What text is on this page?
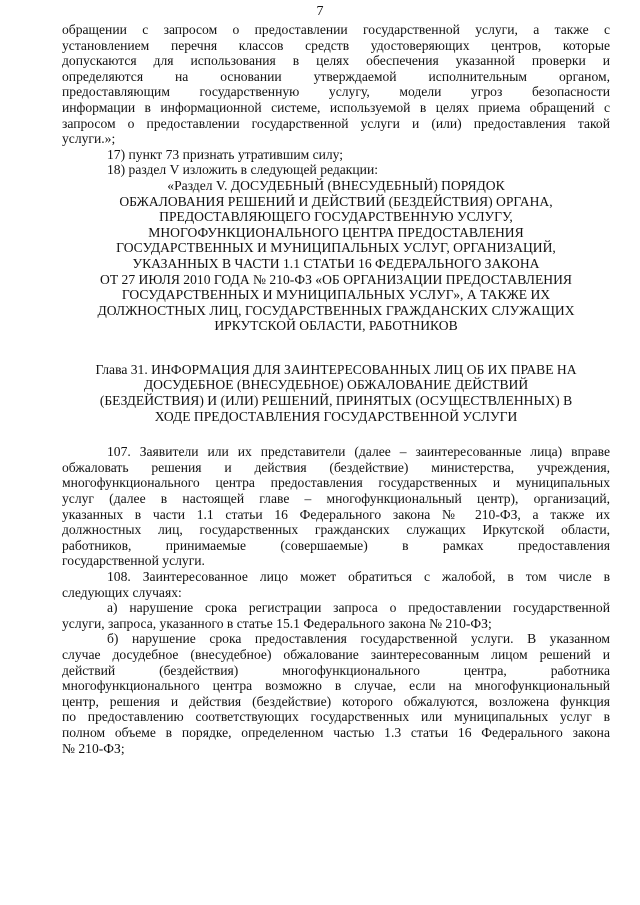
7

обращении с запросом о предоставлении государственной услуги, а также с

установлением перечня классов средств удостоверяющих центров, которые

допускаются для использования в целях обеспечения указанной проверки и

определяются на основании утверждаемой исполнительным органом,

предоставляющим государственную услугу, модели угроз безопасности

информации в информационной системе, используемой в целях приема обращений с

запросом о предоставлении государственной услуги и (или) предоставления такой

услуги.»;

17) пункт 73 признать утратившим силу;

18) раздел V изложить в следующей редакции:

«Раздел V. ДОСУДЕБНЫЙ (ВНЕСУДЕБНЫЙ) ПОРЯДОК
ОБЖАЛОВАНИЯ РЕШЕНИЙ И ДЕЙСТВИЙ (БЕЗДЕЙСТВИЯ) ОРГАНА,
ПРЕДОСТАВЛЯЮЩЕГО ГОСУДАРСТВЕННУЮ УСЛУГУ,
МНОГОФУНКЦИОНАЛЬНОГО ЦЕНТРА ПРЕДОСТАВЛЕНИЯ
ГОСУДАРСТВЕННЫХ И МУНИЦИПАЛЬНЫХ УСЛУГ, ОРГАНИЗАЦИЙ,
УКАЗАННЫХ В ЧАСТИ 1.1 СТАТЬИ 16 ФЕДЕРАЛЬНОГО ЗАКОНА
ОТ 27 ИЮЛЯ 2010 ГОДА № 210-ФЗ «ОБ ОРГАНИЗАЦИИ ПРЕДОСТАВЛЕНИЯ
ГОСУДАРСТВЕННЫХ И МУНИЦИПАЛЬНЫХ УСЛУГ», А ТАКЖЕ ИХ
ДОЛЖНОСТНЫХ ЛИЦ, ГОСУДАРСТВЕННЫХ ГРАЖДАНСКИХ СЛУЖАЩИХ
ИРКУТСКОЙ ОБЛАСТИ, РАБОТНИКОВ
Глава 31. ИНФОРМАЦИЯ ДЛЯ ЗАИНТЕРЕСОВАННЫХ ЛИЦ ОБ ИХ ПРАВЕ НА
ДОСУДЕБНОЕ (ВНЕСУДЕБНОЕ) ОБЖАЛОВАНИЕ ДЕЙСТВИЙ
(БЕЗДЕЙСТВИЯ) И (ИЛИ) РЕШЕНИЙ, ПРИНЯТЫХ (ОСУЩЕСТВЛЕННЫХ) В
ХОДЕ ПРЕДОСТАВЛЕНИЯ ГОСУДАРСТВЕННОЙ УСЛУГИ

107. Заявители или их представители (далее – заинтересованные лица) вправе

обжаловать решения и действия (бездействие) министерства, учреждения,

многофункционального центра предоставления государственных и муниципальных

услуг (далее в настоящей главе – многофункциональный центр), организаций,

указанных в части 1.1 статьи 16 Федерального закона № 210-ФЗ, а также их

должностных лиц, государственных гражданских служащих Иркутской области,

работников, принимаемые (совершаемые) в рамках предоставления

государственной услуги.

108. Заинтересованное лицо может обратиться с жалобой, в том числе в

следующих случаях:

а) нарушение срока регистрации запроса о предоставлении государственной

услуги, запроса, указанного в статье 15.1 Федерального закона № 210-ФЗ;

б) нарушение срока предоставления государственной услуги. В указанном

случае досудебное (внесудебное) обжалование заинтересованным лицом решений и

действий (бездействия) многофункционального центра, работника

многофункционального центра возможно в случае, если на многофункциональный

центр, решения и действия (бездействие) которого обжалуются, возложена функция

по предоставлению соответствующих государственных или муниципальных услуг в

полном объеме в порядке, определенном частью 1.3 статьи 16 Федерального закона

№ 210-ФЗ;
